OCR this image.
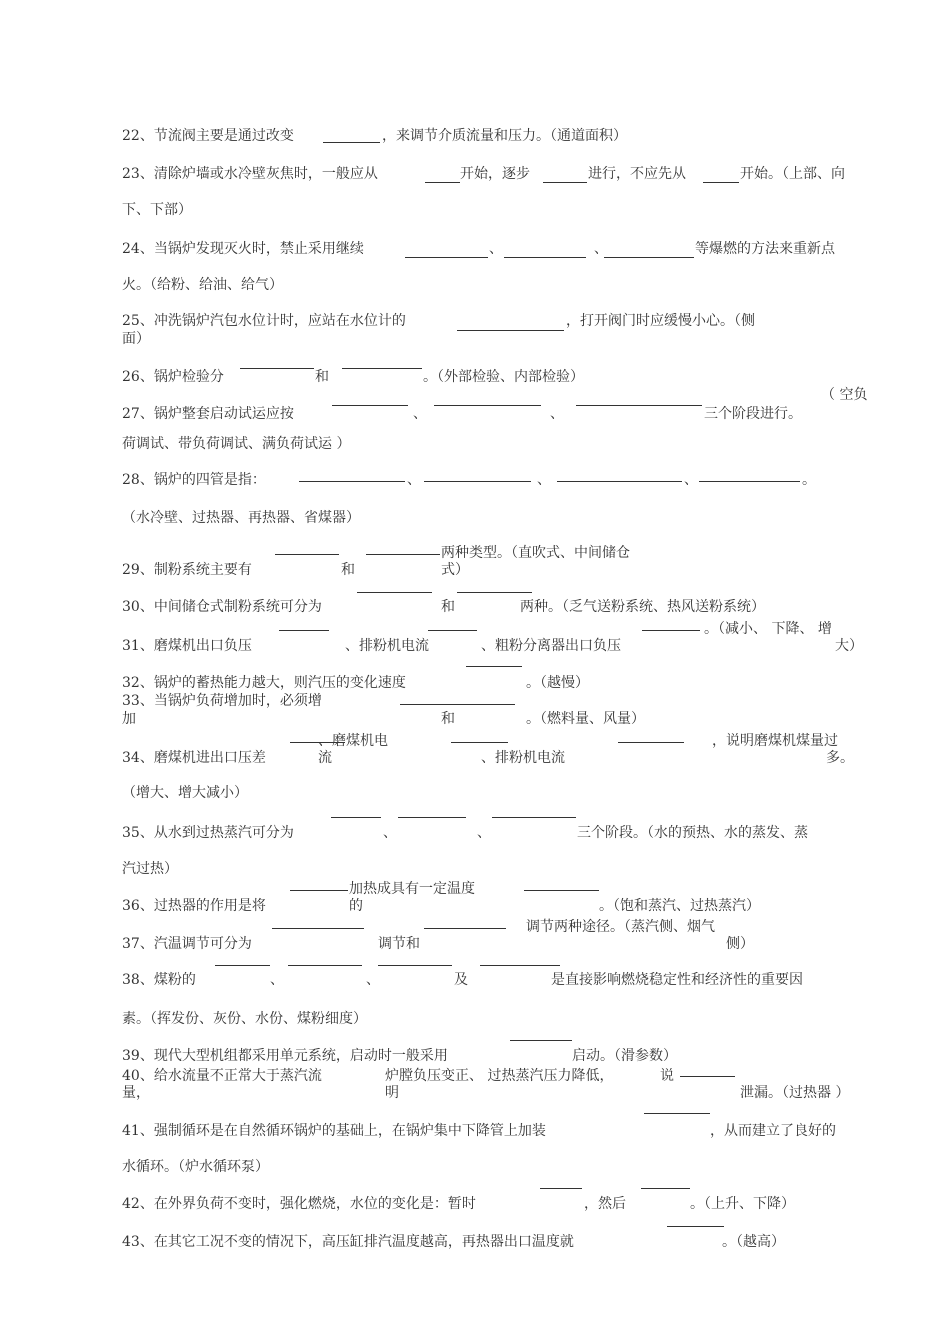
22、节流阀主要是通过改变	，来调节介质流量和压力。（通道面积）
23、清除炉墙或水冷壁灰焦时，一般应从	开始，逐步	进行，不应先从	开始。（上部、向
下、下部）
24、当锅炉发现灭火时，禁止采用继续	、	、	等爆燃的方法来重新点
火。（给粉、给油、给气）
25、冲洗锅炉汽包水位计时，应站在水位计的	，打开阀门时应缓慢小心。（侧
面）
26、锅炉检验分	和	。（外部检验、内部检验）
27、锅炉整套启动试运应按	、	、	三个阶段进行。
（ 空负
荷调试、带负荷调试、满负荷试运 ）
28、锅炉的四管是指：	、	、	、	。
（水冷壁、过热器、再热器、省煤器）
两种类型。（直吹式、中间储仓
29、制粉系统主要有	和	式）
30、中间储仓式制粉系统可分为	和	两种。（乏气送粉系统、热风送粉系统）
。（减小、 下降、 增
31、磨煤机出口负压	、排粉机电流	、粗粉分离器出口负压	大）
32、锅炉的蓄热能力越大，则汽压的变化速度	。（越慢）
33、当锅炉负荷增加时，必须增
加	和	。（燃料量、风量）
、磨煤机电	，说明磨煤机煤量过
34、磨煤机进出口压差	流	、排粉机电流	多。
（增大、增大减小）
35、从水到过热蒸汽可分为	、	、	三个阶段。（水的预热、水的蒸发、蒸
汽过热）
加热成具有一定温度
36、过热器的作用是将	的	。（饱和蒸汽、过热蒸汽）
37、汽温调节可分为	调节和
调节两种途径。（蒸汽侧、烟气
侧）
38、煤粉的	、	、	及	是直接影响燃烧稳定性和经济性的重要因
素。（挥发份、灰份、水份、煤粉细度）
39、现代大型机组都采用单元系统，启动时一般采用	启动。（滑参数）
40、给水流量不正常大于蒸汽流	炉膛负压变正、 过热蒸汽压力降低，	说
量，	明	泄漏。（过热器 ）
41、强制循环是在自然循环锅炉的基础上，在锅炉集中下降管上加装	，从而建立了良好的
水循环。（炉水循环泵）
42、在外界负荷不变时，强化燃烧，水位的变化是：暂时	，然后	。（上升、下降）
43、在其它工况不变的情况下，高压缸排汽温度越高，再热器出口温度就	。（越高）
